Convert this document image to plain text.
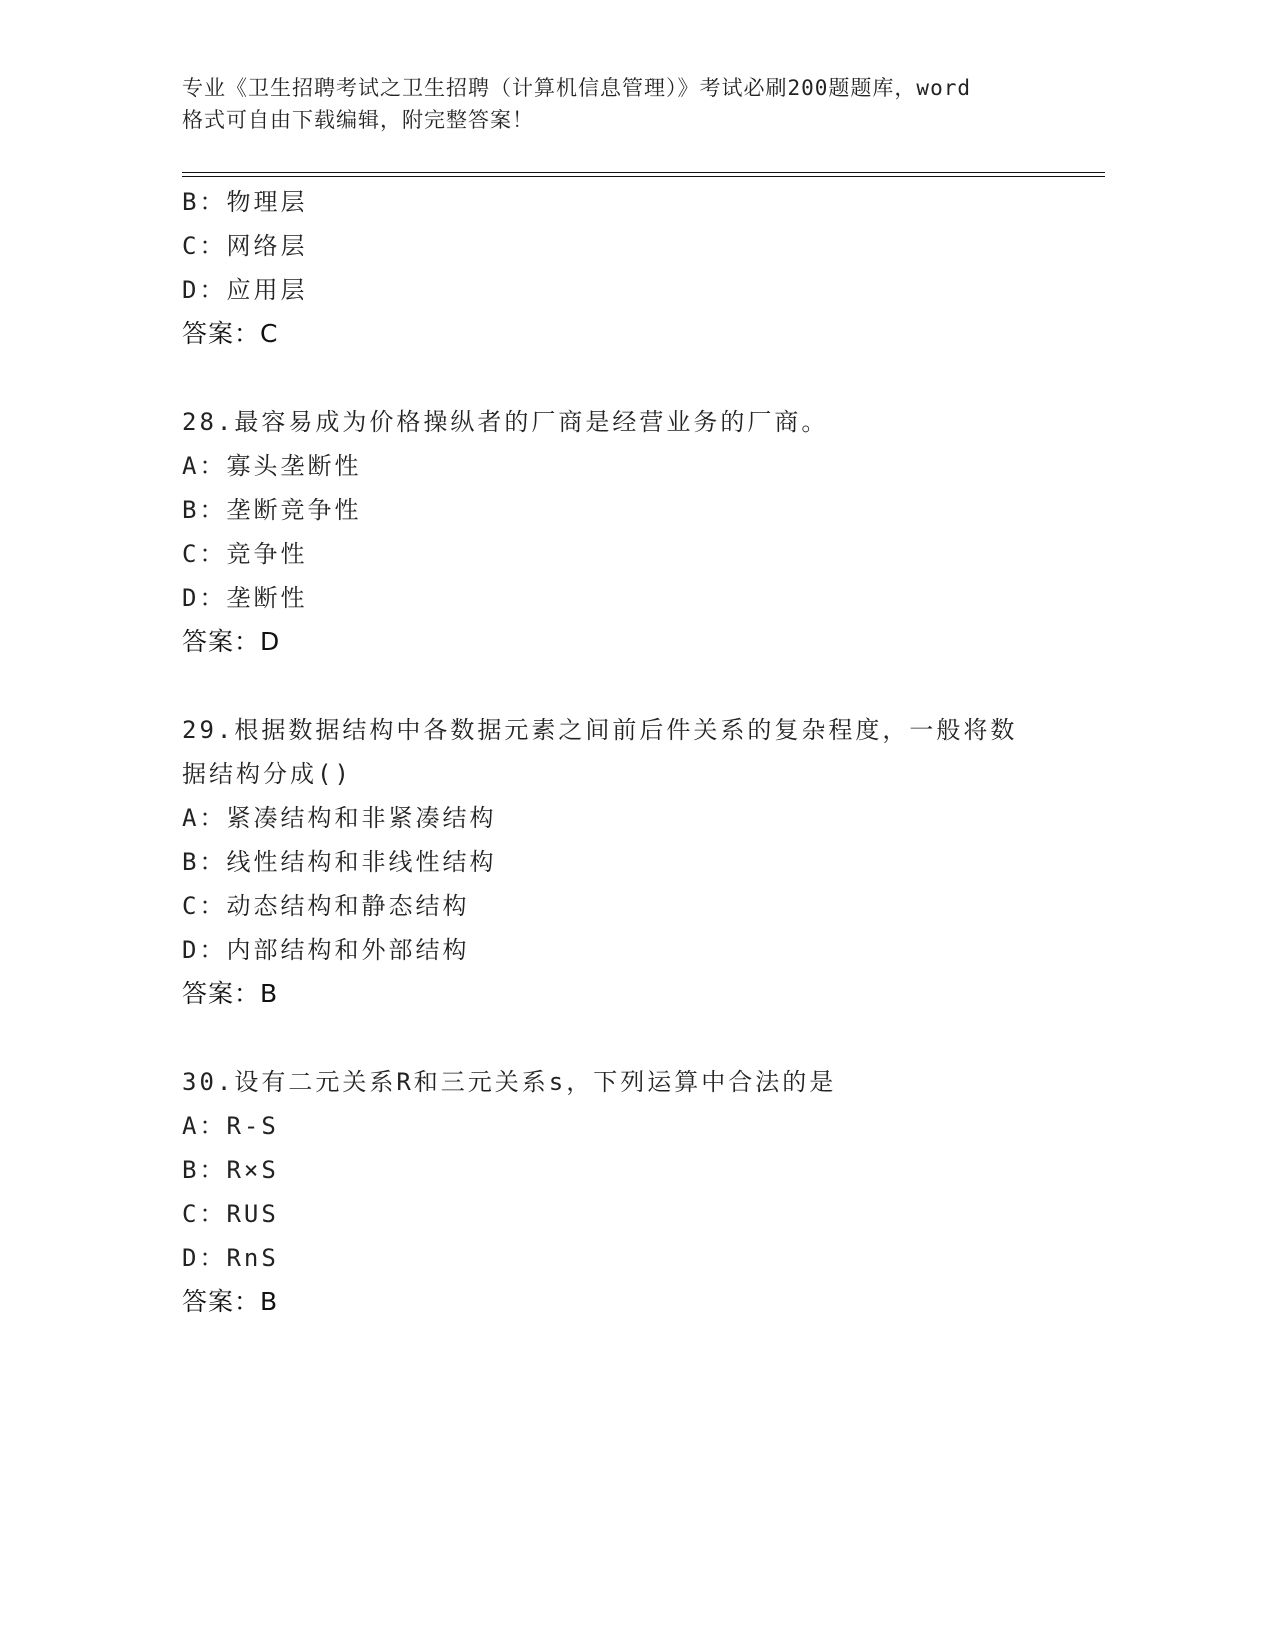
专业《卫生招聘考试之卫生招聘（计算机信息管理）》考试必刷200题题库，word
格式可自由下载编辑，附完整答案！
B：物理层
C：网络层
D：应用层
答案：C
28.最容易成为价格操纵者的厂商是经营业务的厂商。
A：寡头垄断性
B：垄断竞争性
C：竞争性
D：垄断性
答案：D
29.根据数据结构中各数据元素之间前后件关系的复杂程度，一般将数
据结构分成()
A：紧凑结构和非紧凑结构
B：线性结构和非线性结构
C：动态结构和静态结构
D：内部结构和外部结构
答案：B
30.设有二元关系R和三元关系s，下列运算中合法的是
A：R-S
B：R×S
C：RUS
D：RnS
答案：B
